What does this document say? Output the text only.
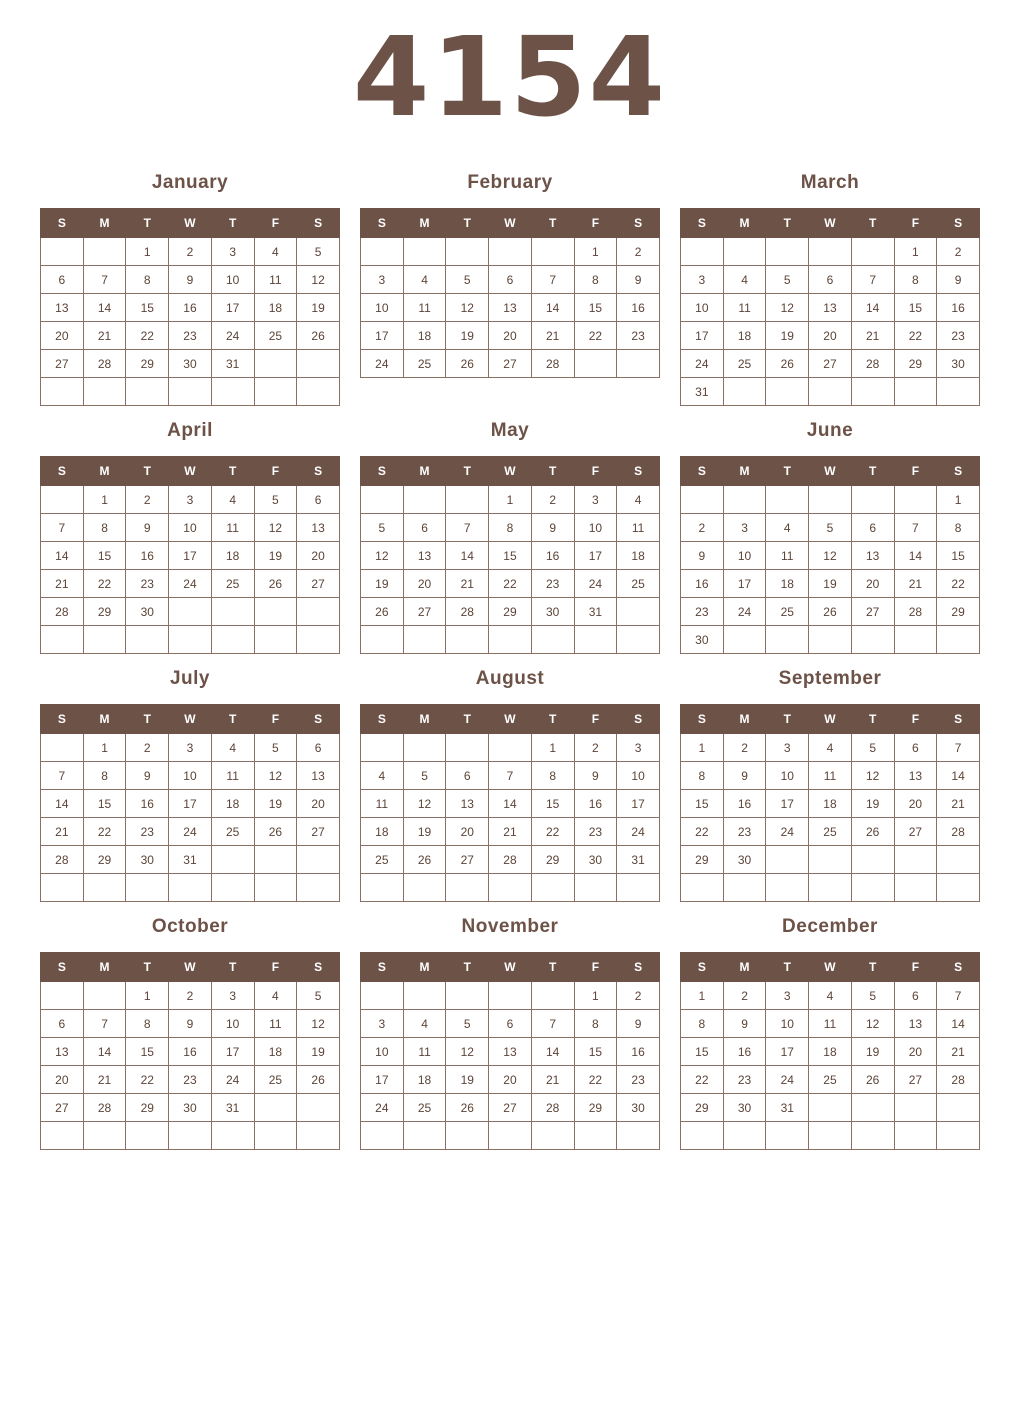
4154
January
S	M	T	W	T	F	S
		1	2	3	4	5
6	7	8	9	10	11	12
13	14	15	16	17	18	19
20	21	22	23	24	25	26
27	28	29	30	31		

February
S	M	T	W	T	F	S
					1	2
3	4	5	6	7	8	9
10	11	12	13	14	15	16
17	18	19	20	21	22	23
24	25	26	27	28		
March
S	M	T	W	T	F	S
					1	2
3	4	5	6	7	8	9
10	11	12	13	14	15	16
17	18	19	20	21	22	23
24	25	26	27	28	29	30
31						
April
S	M	T	W	T	F	S
	1	2	3	4	5	6
7	8	9	10	11	12	13
14	15	16	17	18	19	20
21	22	23	24	25	26	27
28	29	30				

May
S	M	T	W	T	F	S
			1	2	3	4
5	6	7	8	9	10	11
12	13	14	15	16	17	18
19	20	21	22	23	24	25
26	27	28	29	30	31	

June
S	M	T	W	T	F	S
						1
2	3	4	5	6	7	8
9	10	11	12	13	14	15
16	17	18	19	20	21	22
23	24	25	26	27	28	29
30						
July
S	M	T	W	T	F	S
	1	2	3	4	5	6
7	8	9	10	11	12	13
14	15	16	17	18	19	20
21	22	23	24	25	26	27
28	29	30	31			

August
S	M	T	W	T	F	S
				1	2	3
4	5	6	7	8	9	10
11	12	13	14	15	16	17
18	19	20	21	22	23	24
25	26	27	28	29	30	31

September
S	M	T	W	T	F	S
1	2	3	4	5	6	7
8	9	10	11	12	13	14
15	16	17	18	19	20	21
22	23	24	25	26	27	28
29	30					

October
S	M	T	W	T	F	S
		1	2	3	4	5
6	7	8	9	10	11	12
13	14	15	16	17	18	19
20	21	22	23	24	25	26
27	28	29	30	31		

November
S	M	T	W	T	F	S
					1	2
3	4	5	6	7	8	9
10	11	12	13	14	15	16
17	18	19	20	21	22	23
24	25	26	27	28	29	30

December
S	M	T	W	T	F	S
1	2	3	4	5	6	7
8	9	10	11	12	13	14
15	16	17	18	19	20	21
22	23	24	25	26	27	28
29	30	31				
